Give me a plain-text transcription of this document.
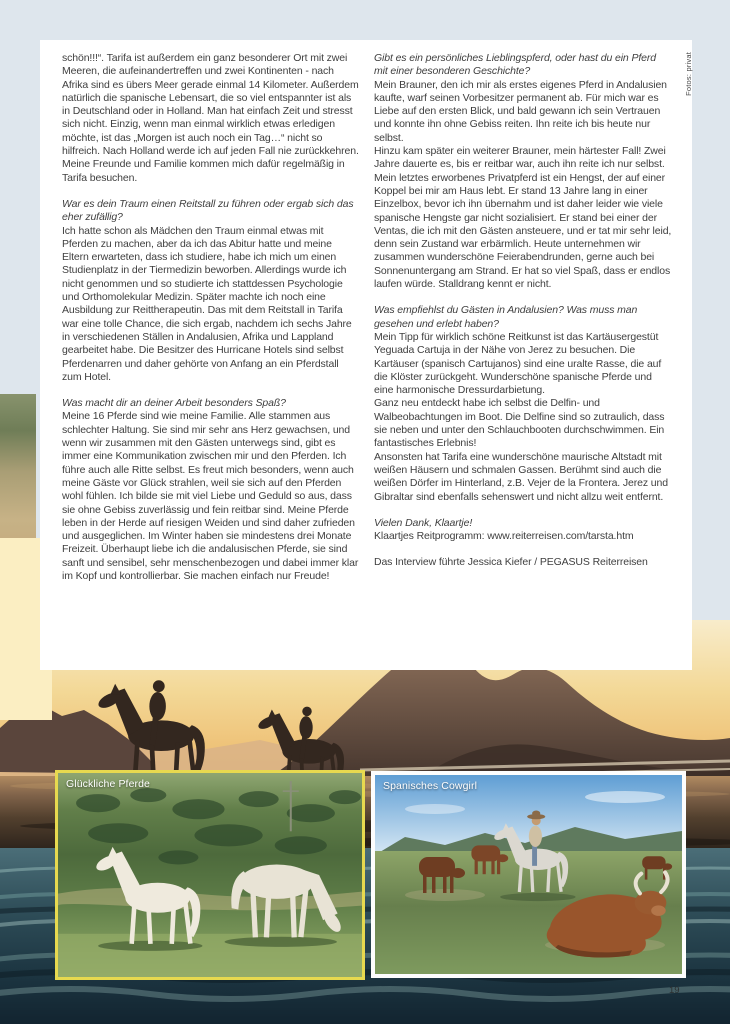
schön!!!“. Tarifa ist außerdem ein ganz besonderer Ort mit zwei Meeren, die aufeinandertreffen und zwei Kontinenten - nach Afrika sind es übers Meer gerade einmal 14 Kilometer. Außerdem natürlich die spanische Lebensart, die so viel entspannter ist als in Deutschland oder in Holland. Man hat einfach Zeit und stresst sich nicht. Einzig, wenn man einmal wirklich etwas erledigen möchte, ist das „Morgen ist auch noch ein Tag…“ nicht so hilfreich. Nach Holland werde ich auf jeden Fall nie zurückkehren. Meine Freunde und Familie kommen mich dafür regelmäßig in Tarifa besuchen.

War es dein Traum einen Reitstall zu führen oder ergab sich das eher zufällig?

Ich hatte schon als Mädchen den Traum einmal etwas mit Pferden zu machen, aber da ich das Abitur hatte und meine Eltern erwarteten, dass ich studiere, habe ich mich um einen Studienplatz in der Tiermedizin beworben. Allerdings wurde ich nicht genommen und so studierte ich stattdessen Psychologie und Orthomolekular Medizin. Später machte ich noch eine Ausbildung zur Reittherapeutin. Das mit dem Reitstall in Tarifa war eine tolle Chance, die sich ergab, nachdem ich sechs Jahre in verschiedenen Ställen in Andalusien, Afrika und Lappland gearbeitet habe. Die Besitzer des Hurricane Hotels sind selbst Pferdenarren und daher gehörte von Anfang an ein Pferdstall zum Hotel.

Was macht dir an deiner Arbeit besonders Spaß?

Meine 16 Pferde sind wie meine Familie. Alle stammen aus schlechter Haltung. Sie sind mir sehr ans Herz gewachsen, und wenn wir zusammen mit den Gästen unterwegs sind, gibt es immer eine Kommunikation zwischen mir und den Pferden. Ich führe auch alle Ritte selbst. Es freut mich besonders, wenn auch meine Gäste vor Glück strahlen, weil sie sich auf den Pferden wohl fühlen. Ich bilde sie mit viel Liebe und Geduld so aus, dass sie ohne Gebiss zuverlässig und fein reitbar sind. Meine Pferde leben in der Herde auf riesigen Weiden und sind daher zufrieden und ausgeglichen. Im Winter haben sie mindestens drei Monate Freizeit. Überhaupt liebe ich die andalusischen Pferde, sie sind sanft und sensibel, sehr menschenbezogen und dabei immer klar im Kopf und kontrollierbar. Sie machen einfach nur Freude!

Gibt es ein persönliches Lieblingspferd, oder hast du ein Pferd mit einer besonderen Geschichte?

Mein Brauner, den ich mir als erstes eigenes Pferd in Andalusien kaufte, warf seinen Vorbesitzer permanent ab. Für mich war es Liebe auf den ersten Blick, und bald gewann ich sein Vertrauen und konnte ihn ohne Gebiss reiten. Ihn reite ich bis heute nur selbst.

Hinzu kam später ein weiterer Brauner, mein härtester Fall! Zwei Jahre dauerte es, bis er reitbar war, auch ihn reite ich nur selbst. Mein letztes erworbenes Privatpferd ist ein Hengst, der auf einer Koppel bei mir am Haus lebt. Er stand 13 Jahre lang in einer Einzelbox, bevor ich ihn übernahm und ist daher leider wie viele spanische Hengste gar nicht sozialisiert. Er stand bei einer der Ventas, die ich mit den Gästen ansteuere, und er tat mir sehr leid, denn sein Zustand war erbärmlich. Heute unternehmen wir zusammen wunderschöne Feierabendrunden, gerne auch bei Sonnenuntergang am Strand. Er hat so viel Spaß, dass er endlos laufen würde. Stalldrang kennt er nicht.

Was empfiehlst du Gästen in Andalusien? Was muss man gesehen und erlebt haben?

Mein Tipp für wirklich schöne Reitkunst ist das Kartäusergestüt Yeguada Cartuja in der Nähe von Jerez zu besuchen. Die Kartäuser (spanisch Cartujanos) sind eine uralte Rasse, die auf die Klöster zurückgeht. Wunderschöne spanische Pferde und eine harmonische Dressurdarbietung.

Ganz neu entdeckt habe ich selbst die Delfin- und Walbeobachtungen im Boot. Die Delfine sind so zutraulich, dass sie neben und unter den Schlauchbooten durchschwimmen. Ein fantastisches Erlebnis!

Ansonsten hat Tarifa eine wunderschöne maurische Altstadt mit weißen Häusern und schmalen Gassen. Berühmt sind auch die weißen Dörfer im Hinterland, z.B. Vejer de la Frontera. Jerez und Gibraltar sind ebenfalls sehenswert und nicht allzu weit entfernt.

Vielen Dank, Klaartje!

Klaartjes Reitprogramm: www.reiterreisen.com/tarsta.htm

Das Interview führte Jessica Kiefer / PEGASUS Reiterreisen

Glückliche Pferde	Spanisches Cowgirl
Fotos: privat
19
